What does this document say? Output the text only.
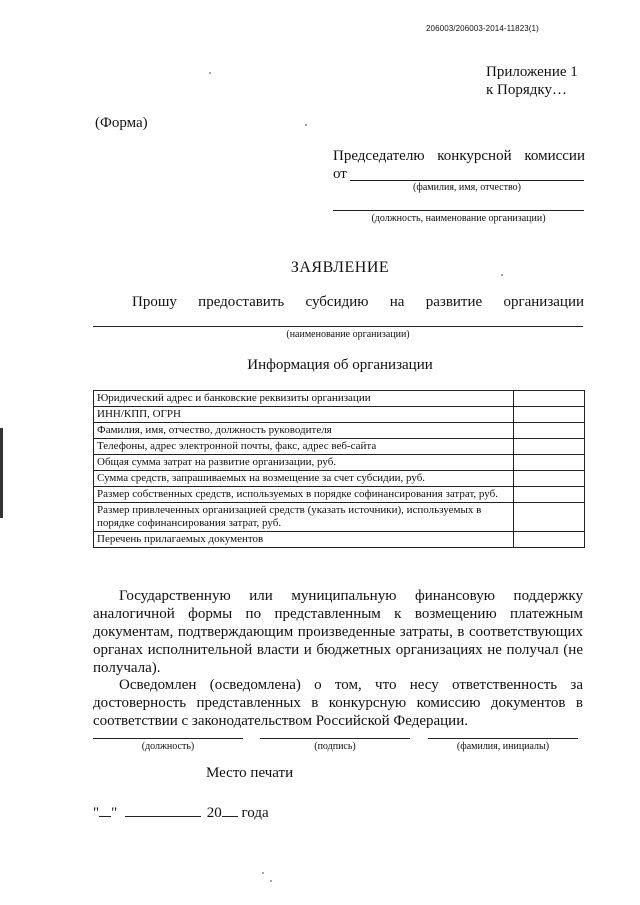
206003/206003-2014-11823(1)
Приложение 1
к Порядку…
(Форма)
Председателю конкурсной комиссии
от
(фамилия, имя, отчество)
(должность, наименование организации)
ЗАЯВЛЕНИЕ
Прошу предоставить субсидию на развитие организации
(наименование организации)
Информация об организации
Юридический адрес и банковские реквизиты организации	
ИНН/КПП, ОГРН	
Фамилия, имя, отчество, должность руководителя	
Телефоны, адрес электронной почты, факс, адрес веб-сайта	
Общая сумма затрат на развитие организации, руб.	
Сумма средств, запрашиваемых на возмещение за счет субсидии, руб.	
Размер собственных средств, используемых в порядке софинансирования затрат, руб.	
Размер привлеченных организацией средств (указать источники), используемых в порядке софинансирования затрат, руб.	
Перечень прилагаемых документов	
Государственную или муниципальную финансовую поддержку аналогичной формы по представленным к возмещению платежным документам, подтверждающим произведенные затраты, в соответствующих органах исполнительной власти и бюджетных организациях не получал (не получала).
Осведомлен (осведомлена) о том, что несу ответственность за достоверность представленных в конкурсную комиссию документов в соответствии с законодательством Российской Федерации.
(должность)	(подпись)	(фамилия, инициалы)
Место печати
" "	20 года
